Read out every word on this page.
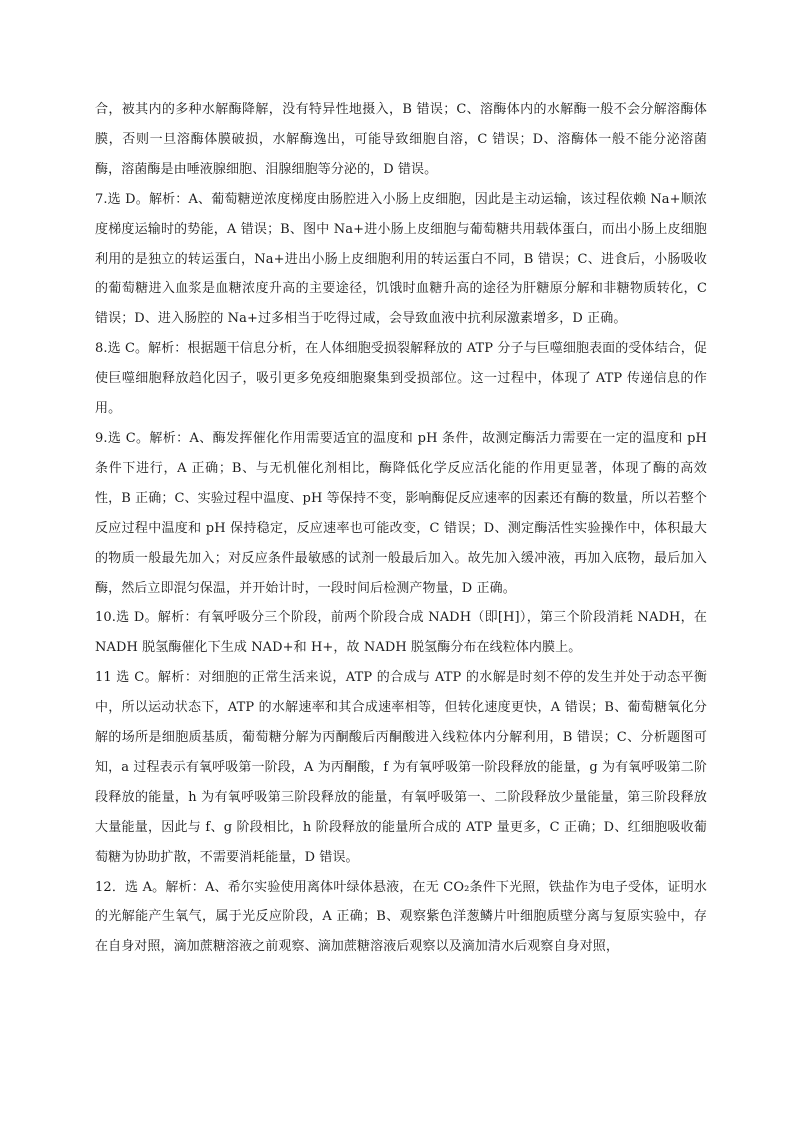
合，被其内的多种水解酶降解，没有特异性地摄入，B 错误；C、溶酶体内的水解酶一般不会分解溶酶体膜，否则一旦溶酶体膜破损，水解酶逸出，可能导致细胞自溶，C 错误；D、溶酶体一般不能分泌溶菌酶，溶菌酶是由唾液腺细胞、泪腺细胞等分泌的，D 错误。

7.选 D。解析：A、葡萄糖逆浓度梯度由肠腔进入小肠上皮细胞，因此是主动运输，该过程依赖 Na+顺浓度梯度运输时的势能，A 错误；B、图中 Na+进小肠上皮细胞与葡萄糖共用载体蛋白，而出小肠上皮细胞利用的是独立的转运蛋白，Na+进出小肠上皮细胞利用的转运蛋白不同，B 错误；C、进食后，小肠吸收的葡萄糖进入血浆是血糖浓度升高的主要途径，饥饿时血糖升高的途径为肝糖原分解和非糖物质转化，C 错误；D、进入肠腔的 Na+过多相当于吃得过咸，会导致血液中抗利尿激素增多，D 正确。

8.选 C。解析：根据题干信息分析，在人体细胞受损裂解释放的 ATP 分子与巨噬细胞表面的受体结合，促使巨噬细胞释放趋化因子，吸引更多免疫细胞聚集到受损部位。这一过程中，体现了 ATP 传递信息的作用。

9.选 C。解析：A、酶发挥催化作用需要适宜的温度和 pH 条件，故测定酶活力需要在一定的温度和 pH 条件下进行，A 正确；B、与无机催化剂相比，酶降低化学反应活化能的作用更显著，体现了酶的高效性，B 正确；C、实验过程中温度、pH 等保持不变，影响酶促反应速率的因素还有酶的数量，所以若整个反应过程中温度和 pH 保持稳定，反应速率也可能改变，C 错误；D、测定酶活性实验操作中，体积最大的物质一般最先加入；对反应条件最敏感的试剂一般最后加入。故先加入缓冲液，再加入底物，最后加入酶，然后立即混匀保温，并开始计时，一段时间后检测产物量，D 正确。

10.选 D。解析：有氧呼吸分三个阶段，前两个阶段合成 NADH（即[H]），第三个阶段消耗 NADH，在 NADH 脱氢酶催化下生成 NAD+和 H+，故 NADH 脱氢酶分布在线粒体内膜上。

11 选 C。解析：对细胞的正常生活来说，ATP 的合成与 ATP 的水解是时刻不停的发生并处于动态平衡中，所以运动状态下，ATP 的水解速率和其合成速率相等，但转化速度更快，A 错误；B、葡萄糖氧化分解的场所是细胞质基质，葡萄糖分解为丙酮酸后丙酮酸进入线粒体内分解利用，B 错误；C、分析题图可知，a 过程表示有氧呼吸第一阶段，A 为丙酮酸，f 为有氧呼吸第一阶段释放的能量，g 为有氧呼吸第二阶段释放的能量，h 为有氧呼吸第三阶段释放的能量，有氧呼吸第一、二阶段释放少量能量，第三阶段释放大量能量，因此与 f、g 阶段相比，h 阶段释放的能量所合成的 ATP 量更多，C 正确；D、红细胞吸收葡萄糖为协助扩散，不需要消耗能量，D 错误。

12．选 A。解析：A、希尔实验使用离体叶绿体悬液，在无 CO₂条件下光照，铁盐作为电子受体，证明水的光解能产生氧气，属于光反应阶段，A 正确；B、观察紫色洋葱鳞片叶细胞质壁分离与复原实验中，存在自身对照，滴加蔗糖溶液之前观察、滴加蔗糖溶液后观察以及滴加清水后观察自身对照，
